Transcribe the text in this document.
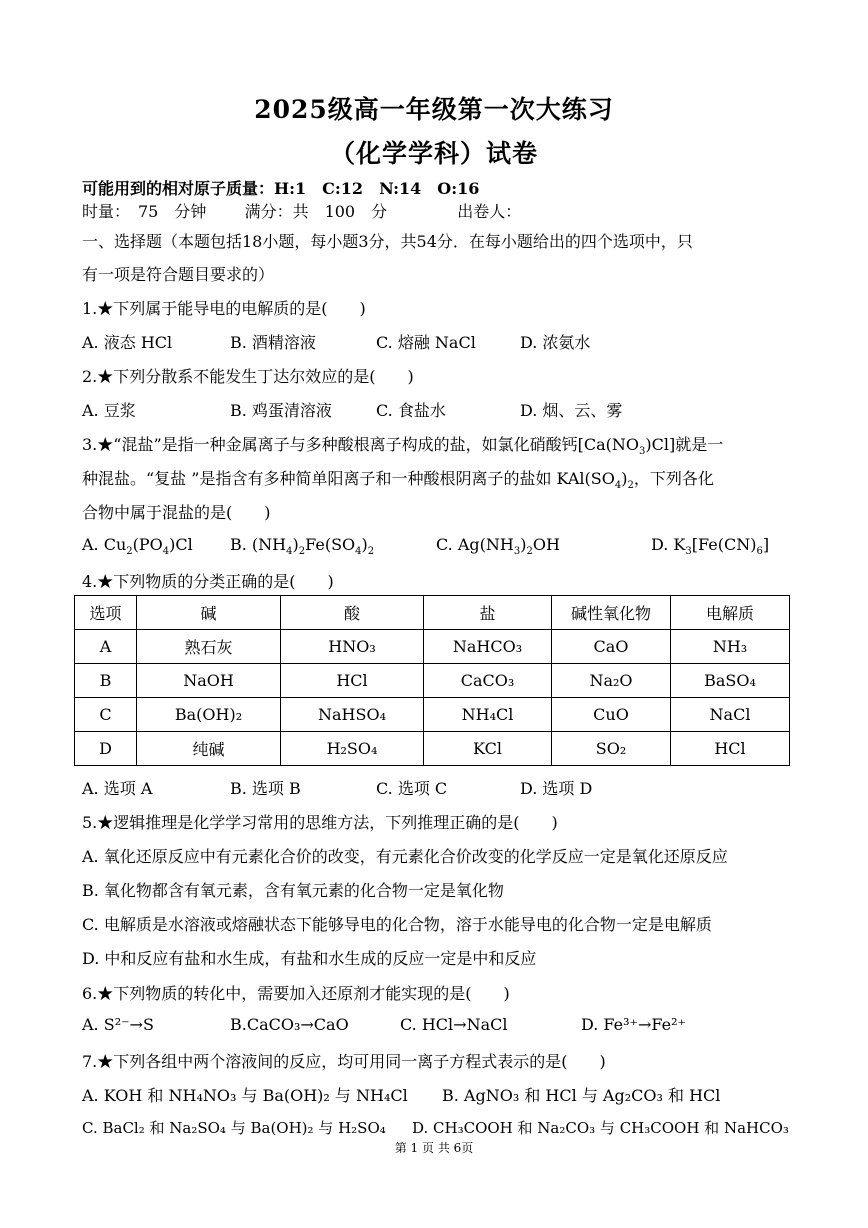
2025级高一年级第一次大练习
（化学学科）试卷
可能用到的相对原子质量：H:1　C:12　N:14　O:16
时量：　75　分钟 满分：共　100　分	出卷人：
一、选择题（本题包括18小题，每小题3分，共54分．在每小题给出的四个选项中，只
有一项是符合题目要求的）
1.★下列属于能导电的电解质的是(　　)
A. 液态 HCl	B. 酒精溶液	C. 熔融 NaCl	D. 浓氨水
2.★下列分散系不能发生丁达尔效应的是(　　)
A. 豆浆	B. 鸡蛋清溶液	C. 食盐水	D. 烟、云、雾
3.★“混盐”是指一种金属离子与多种酸根离子构成的盐，如氯化硝酸钙$[Ca(NO_3)Cl]$就是一
种混盐。“复盐 ”是指含有多种简单阳离子和一种酸根阴离子的盐如 $KAl(SO_4)_2$，下列各化
合物中属于混盐的是(　　)
A. $Cu_2(PO_4)Cl$ B. $(NH_4)_2Fe(SO_4)_2$	C. $Ag(NH_3)_2OH$	D. $K_3[Fe(CN)_6]$
4.★下列物质的分类正确的是(　　)
选项	碱	酸	盐	碱性氧化物	电解质
A	熟石灰	HNO₃	NaHCO₃	CaO	NH₃
B	NaOH	HCl	CaCO₃	Na₂O	BaSO₄
C	Ba(OH)₂	NaHSO₄	NH₄Cl	CuO	NaCl
D	纯碱	H₂SO₄	KCl	SO₂	HCl
A. 选项 A	B. 选项 B	C. 选项 C	D. 选项 D
5.★逻辑推理是化学学习常用的思维方法，下列推理正确的是(　　)
A. 氧化还原反应中有元素化合价的改变，有元素化合价改变的化学反应一定是氧化还原反应
B. 氧化物都含有氧元素，含有氧元素的化合物一定是氧化物
C. 电解质是水溶液或熔融状态下能够导电的化合物，溶于水能导电的化合物一定是电解质
D. 中和反应有盐和水生成，有盐和水生成的反应一定是中和反应
6.★下列物质的转化中，需要加入还原剂才能实现的是(　　)
A. S²⁻→S	B.CaCO₃→CaO	C. HCl→NaCl	D. Fe³⁺→Fe²⁺
7.★下列各组中两个溶液间的反应，均可用同一离子方程式表示的是(　　)
A. KOH 和 NH₄NO₃ 与 Ba(OH)₂ 与 NH₄Cl B. AgNO₃ 和 HCl 与 Ag₂CO₃ 和 HCl
C. BaCl₂ 和 Na₂SO₄ 与 Ba(OH)₂ 与 H₂SO₄ D. CH₃COOH 和 Na₂CO₃ 与 CH₃COOH 和 NaHCO₃
第 1 页 共 6页
